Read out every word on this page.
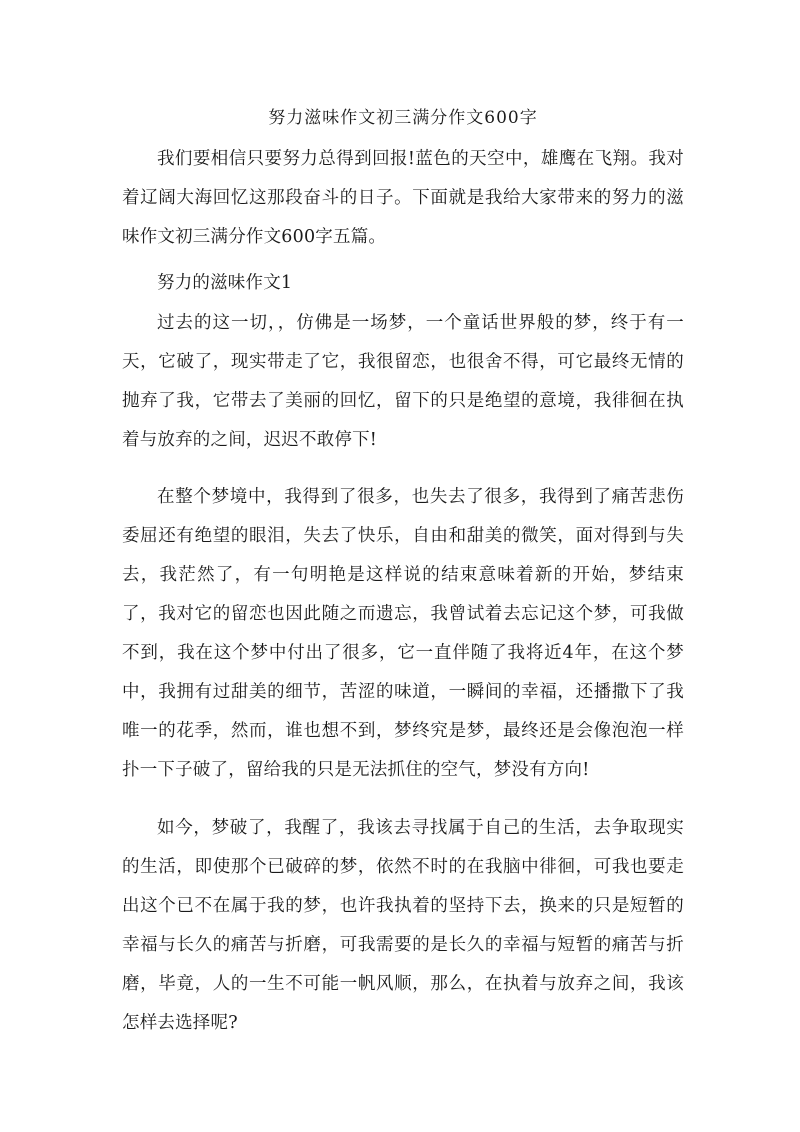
努力滋味作文初三满分作文600字

我们要相信只要努力总得到回报!蓝色的天空中，雄鹰在飞翔。我对着辽阔大海回忆这那段奋斗的日子。下面就是我给大家带来的努力的滋味作文初三满分作文600字五篇。

努力的滋味作文1

过去的这一切，，仿佛是一场梦，一个童话世界般的梦，终于有一天，它破了，现实带走了它，我很留恋，也很舍不得，可它最终无情的抛弃了我，它带去了美丽的回忆，留下的只是绝望的意境，我徘徊在执着与放弃的之间，迟迟不敢停下!

在整个梦境中，我得到了很多，也失去了很多，我得到了痛苦悲伤委屈还有绝望的眼泪，失去了快乐，自由和甜美的微笑，面对得到与失去，我茫然了，有一句明艳是这样说的结束意味着新的开始，梦结束了，我对它的留恋也因此随之而遗忘，我曾试着去忘记这个梦，可我做不到，我在这个梦中付出了很多，它一直伴随了我将近4年，在这个梦中，我拥有过甜美的细节，苦涩的味道，一瞬间的幸福，还播撒下了我唯一的花季，然而，谁也想不到，梦终究是梦，最终还是会像泡泡一样扑一下子破了，留给我的只是无法抓住的空气，梦没有方向!

如今，梦破了，我醒了，我该去寻找属于自己的生活，去争取现实的生活，即使那个已破碎的梦，依然不时的在我脑中徘徊，可我也要走出这个已不在属于我的梦，也许我执着的坚持下去，换来的只是短暂的幸福与长久的痛苦与折磨，可我需要的是长久的幸福与短暂的痛苦与折磨，毕竟，人的一生不可能一帆风顺，那么，在执着与放弃之间，我该怎样去选择呢?
